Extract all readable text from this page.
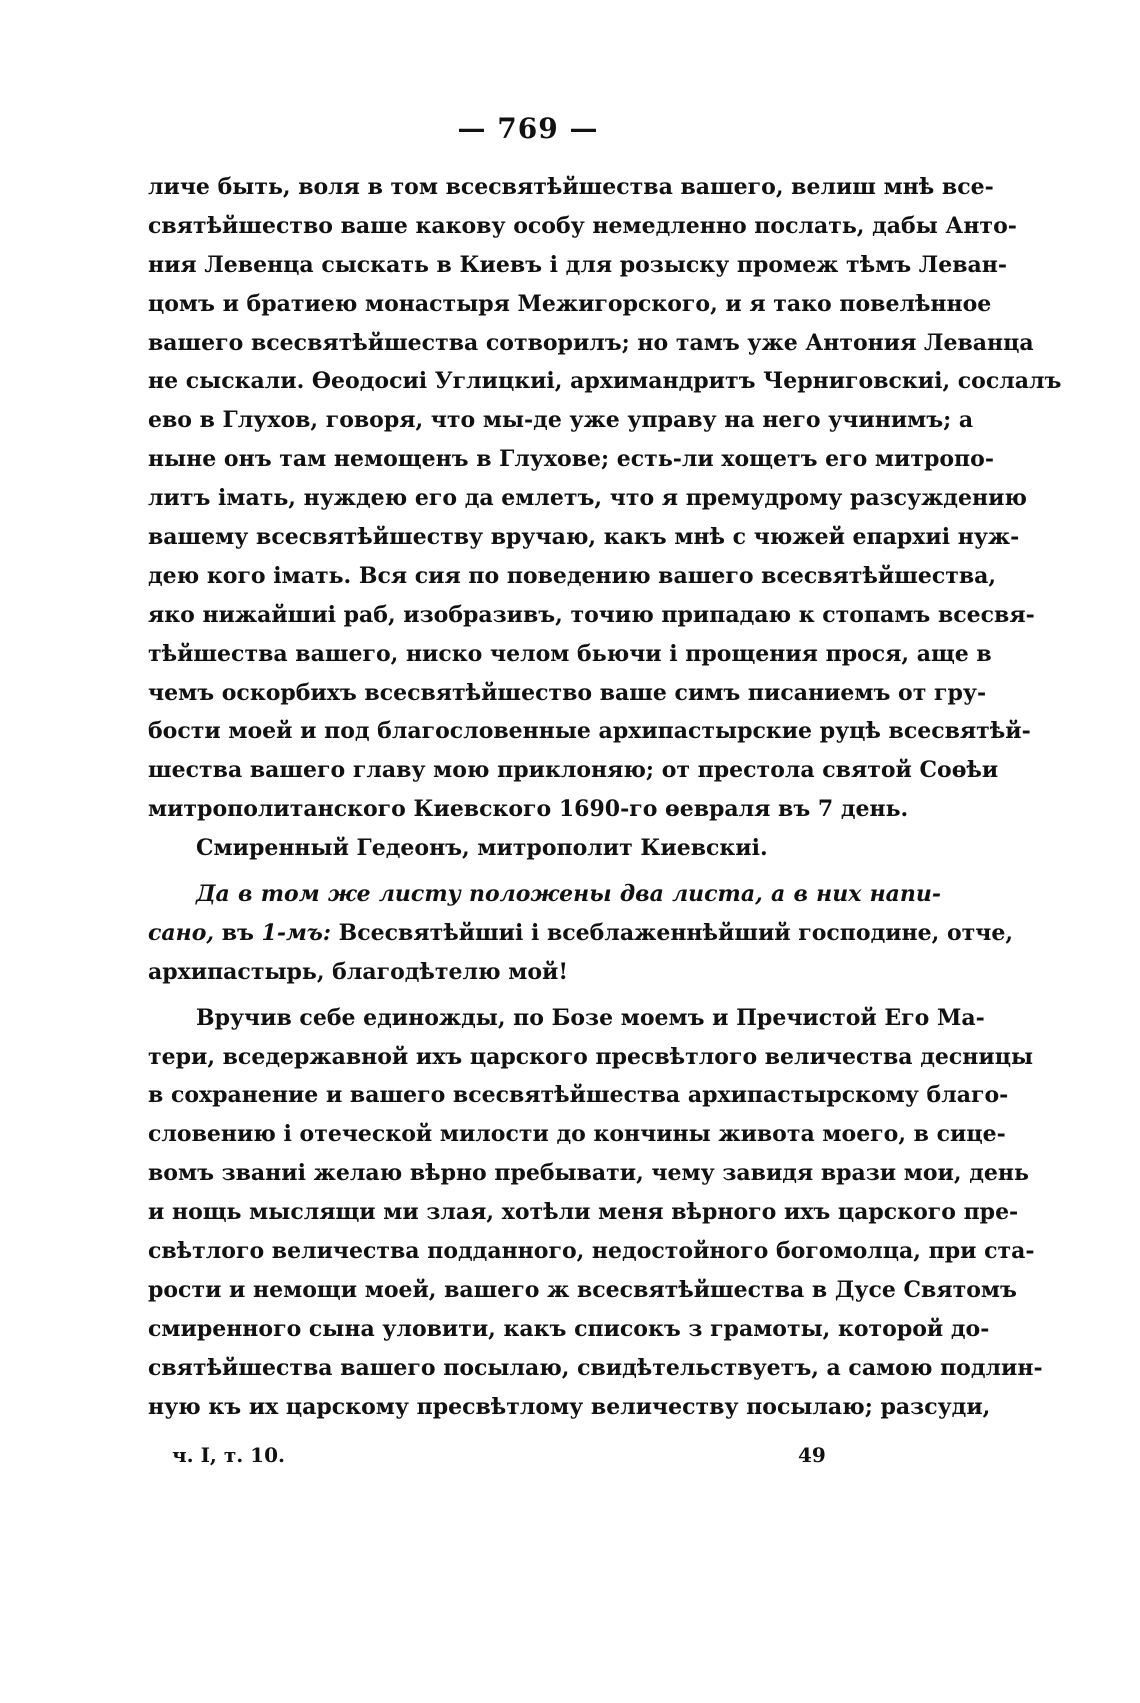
— 769 —
личе быть, воля в том всесвятѣйшества вашего, велиш мнѣ все-
святѣйшество ваше какову особу немедленно послать, дабы Анто-
ния Левенца сыскать в Киевъ і для розыску промеж тѣмъ Леван-
цомъ и братиею монастыря Межигорского, и я тако повелѣнное
вашего всесвятѣйшества сотворилъ; но тамъ уже Антония Леванца
не сыскали. Өеодосиі Углицкиі, архимандритъ Черниговскиі, сослалъ
ево в Глухов, говоря, что мы-де уже управу на него учинимъ; а
ныне онъ там немощенъ в Глухове; есть-ли хощетъ его митропо-
литъ імать, нуждею его да емлетъ, что я премудрому разсуждению
вашему всесвятѣйшеству вручаю, какъ мнѣ с чюжей епархиі нуж-
дею кого імать. Вся сия по поведению вашего всесвятѣйшества,
яко нижайшиі раб, изобразивъ, точию припадаю к стопамъ всесвя-
тѣйшества вашего, ниско челом бьючи і прощения прося, аще в
чемъ оскорбихъ всесвятѣйшество ваше симъ писаниемъ от гру-
бости моей и под благословенные архипастырские руцѣ всесвятѣй-
шества вашего главу мою приклоняю; от престола святой Соөѣи
митрополитанского Киевского 1690-го өевраля въ 7 день.
Смиренный Гедеонъ, митрополит Киевскиі.
Да в том же листу положены два листа, а в них напи-
сано, въ 1-мъ: Всесвятѣйшиі і всеблаженнѣйший господине, отче,
архипастырь, благодѣтелю мой!
Вручив себе единожды, по Бозе моемъ и Пречистой Его Ма-
тери, вседержавной ихъ царского пресвѣтлого величества десницы
в сохранение и вашего всесвятѣйшества архипастырскому благо-
словению і отеческой милости до кончины живота моего, в сице-
вомъ званиі желаю вѣрно пребывати, чему завидя врази мои, день
и нощь мыслящи ми злая, хотѣли меня вѣрного ихъ царского пре-
свѣтлого величества подданного, недостойного богомолца, при ста-
рости и немощи моей, вашего ж всесвятѣйшества в Дусе Святомъ
смиренного сына уловити, какъ списокъ з грамоты, которой до-
святѣйшества вашего посылаю, свидѣтельствуетъ, а самою подлин-
ную къ их царскому пресвѣтлому величеству посылаю; разсуди,
ч. I, т. 10.	49
